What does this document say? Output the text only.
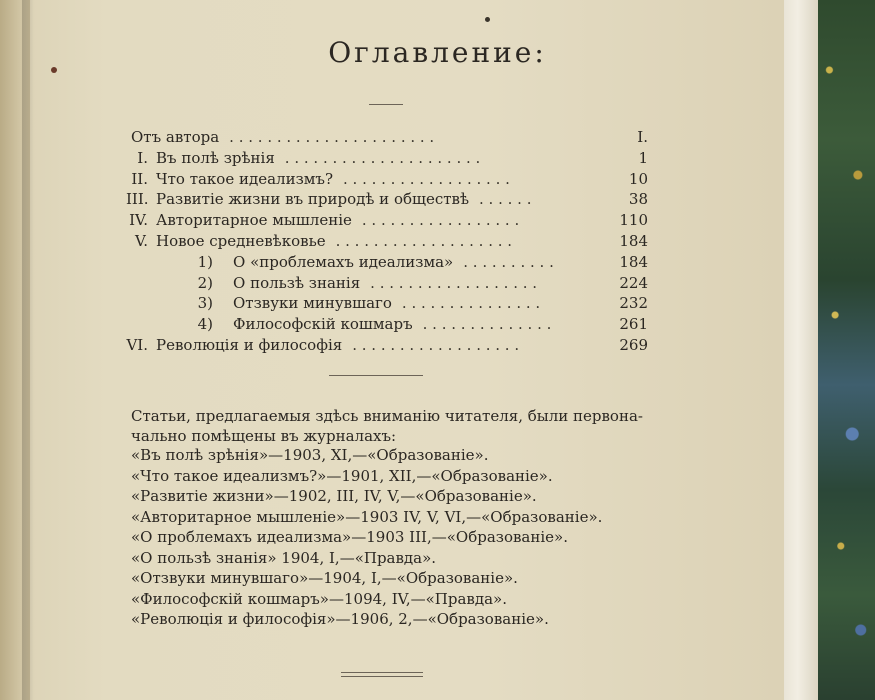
Оглавление:
Отъ автора . . . . . . . . . . . . . . . . . . . . . .	I.
I. Въ полѣ зрѣнія . . . . . . . . . . . . . . . . . . . . .	1
II. Что такое идеализмъ? . . . . . . . . . . . . . . . . . .	10
III. Развитіе жизни въ природѣ и обществѣ . . . . . .	38
IV. Авторитарное мышленіе . . . . . . . . . . . . . . . . .	110
V. Новое средневѣковье . . . . . . . . . . . . . . . . . . .	184
1) О «проблемахъ идеализма» . . . . . . . . . .	184
2) О пользѣ знанія . . . . . . . . . . . . . . . . . .	224
3) Отзвуки минувшаго . . . . . . . . . . . . . . .	232
4) Философскій кошмаръ . . . . . . . . . . . . . .	261
VI. Революція и философія . . . . . . . . . . . . . . . . . .	269
Статьи, предлагаемыя здѣсь вниманію читателя, были первона-
чально помѣщены въ журналахъ:
«Въ полѣ зрѣнія»—1903, XI,—«Образованіе».
«Что такое идеализмъ?»—1901, XII,—«Образованіе».
«Развитіе жизни»—1902, III, IV, V,—«Образованіе».
«Авторитарное мышленіе»—1903 IV, V, VI,—«Образованіе».
«О проблемахъ идеализма»—1903 III,—«Образованіе».
«О пользѣ знанія» 1904, I,—«Правда».
«Отзвуки минувшаго»—1904, I,—«Образованіе».
«Философскій кошмаръ»—1094, IV,—«Правда».
«Революція и философія»—1906, 2,—«Образованіе».
